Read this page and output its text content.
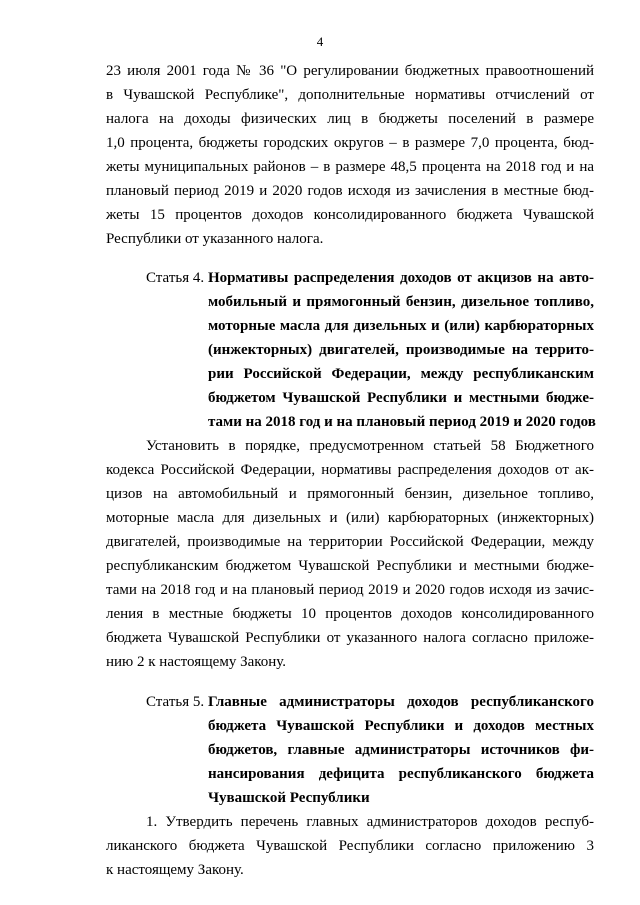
4
23 июля 2001 года № 36 "О регулировании бюджетных правоотношений
в Чувашской Республике", дополнительные нормативы отчислений от
налога на доходы физических лиц в бюджеты поселений в размере
1,0 процента, бюджеты городских округов – в размере 7,0 процента, бюд-
жеты муниципальных районов – в размере 48,5 процента на 2018 год и на
плановый период 2019 и 2020 годов исходя из зачисления в местные бюд-
жеты 15 процентов доходов консолидированного бюджета Чувашской
Республики от указанного налога.
Статья 4. Нормативы распределения доходов от акцизов на авто-
мобильный и прямогонный бензин, дизельное топливо,
моторные масла для дизельных и (или) карбюраторных
(инжекторных) двигателей, производимые на террито-
рии Российской Федерации, между республиканским
бюджетом Чувашской Республики и местными бюдже-
тами на 2018 год и на плановый период 2019 и 2020 годов
Установить в порядке, предусмотренном статьей 58 Бюджетного
кодекса Российской Федерации, нормативы распределения доходов от ак-
цизов на автомобильный и прямогонный бензин, дизельное топливо,
моторные масла для дизельных и (или) карбюраторных (инжекторных)
двигателей, производимые на территории Российской Федерации, между
республиканским бюджетом Чувашской Республики и местными бюдже-
тами на 2018 год и на плановый период 2019 и 2020 годов исходя из зачис-
ления в местные бюджеты 10 процентов доходов консолидированного
бюджета Чувашской Республики от указанного налога согласно приложе-
нию 2 к настоящему Закону.
Статья 5. Главные администраторы доходов республиканского
бюджета Чувашской Республики и доходов местных
бюджетов, главные администраторы источников фи-
нансирования дефицита республиканского бюджета
Чувашской Республики
1. Утвердить перечень главных администраторов доходов респуб-
ликанского бюджета Чувашской Республики согласно приложению 3
к настоящему Закону.
